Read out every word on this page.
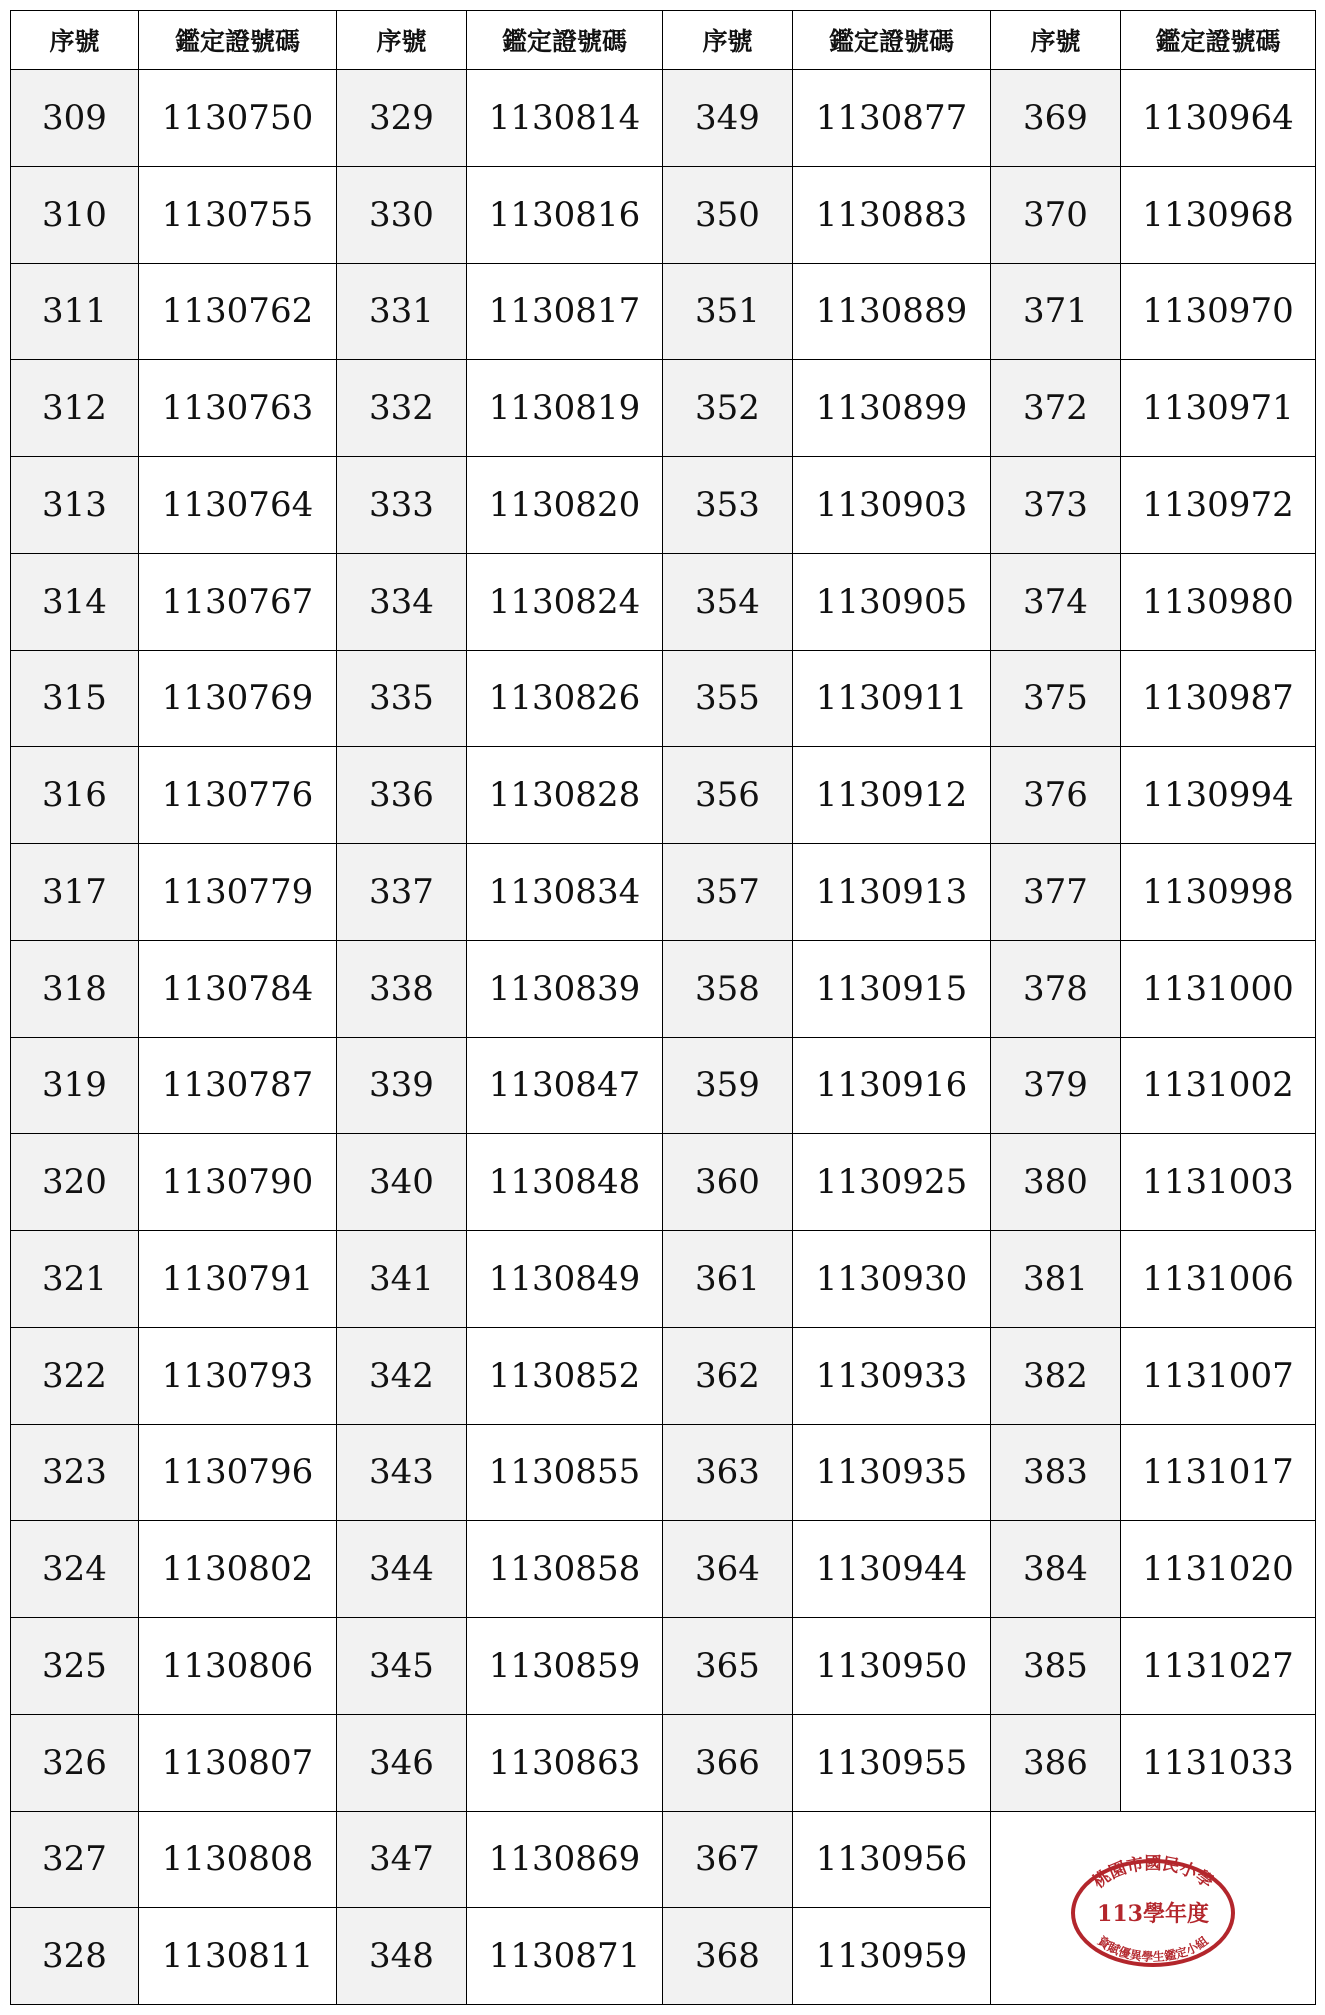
序號	鑑定證號碼	序號	鑑定證號碼	序號	鑑定證號碼	序號	鑑定證號碼
309	1130750	329	1130814	349	1130877	369	1130964
310	1130755	330	1130816	350	1130883	370	1130968
311	1130762	331	1130817	351	1130889	371	1130970
312	1130763	332	1130819	352	1130899	372	1130971
313	1130764	333	1130820	353	1130903	373	1130972
314	1130767	334	1130824	354	1130905	374	1130980
315	1130769	335	1130826	355	1130911	375	1130987
316	1130776	336	1130828	356	1130912	376	1130994
317	1130779	337	1130834	357	1130913	377	1130998
318	1130784	338	1130839	358	1130915	378	1131000
319	1130787	339	1130847	359	1130916	379	1131002
320	1130790	340	1130848	360	1130925	380	1131003
321	1130791	341	1130849	361	1130930	381	1131006
322	1130793	342	1130852	362	1130933	382	1131007
323	1130796	343	1130855	363	1130935	383	1131017
324	1130802	344	1130858	364	1130944	384	1131020
325	1130806	345	1130859	365	1130950	385	1131027
326	1130807	346	1130863	366	1130955	386	1131033
327	1130808	347	1130869	367	1130956	桃園市國民小學
113學年度
資賦優異學生鑑定小組	

328	1130811	348	1130871	368	1130959		
